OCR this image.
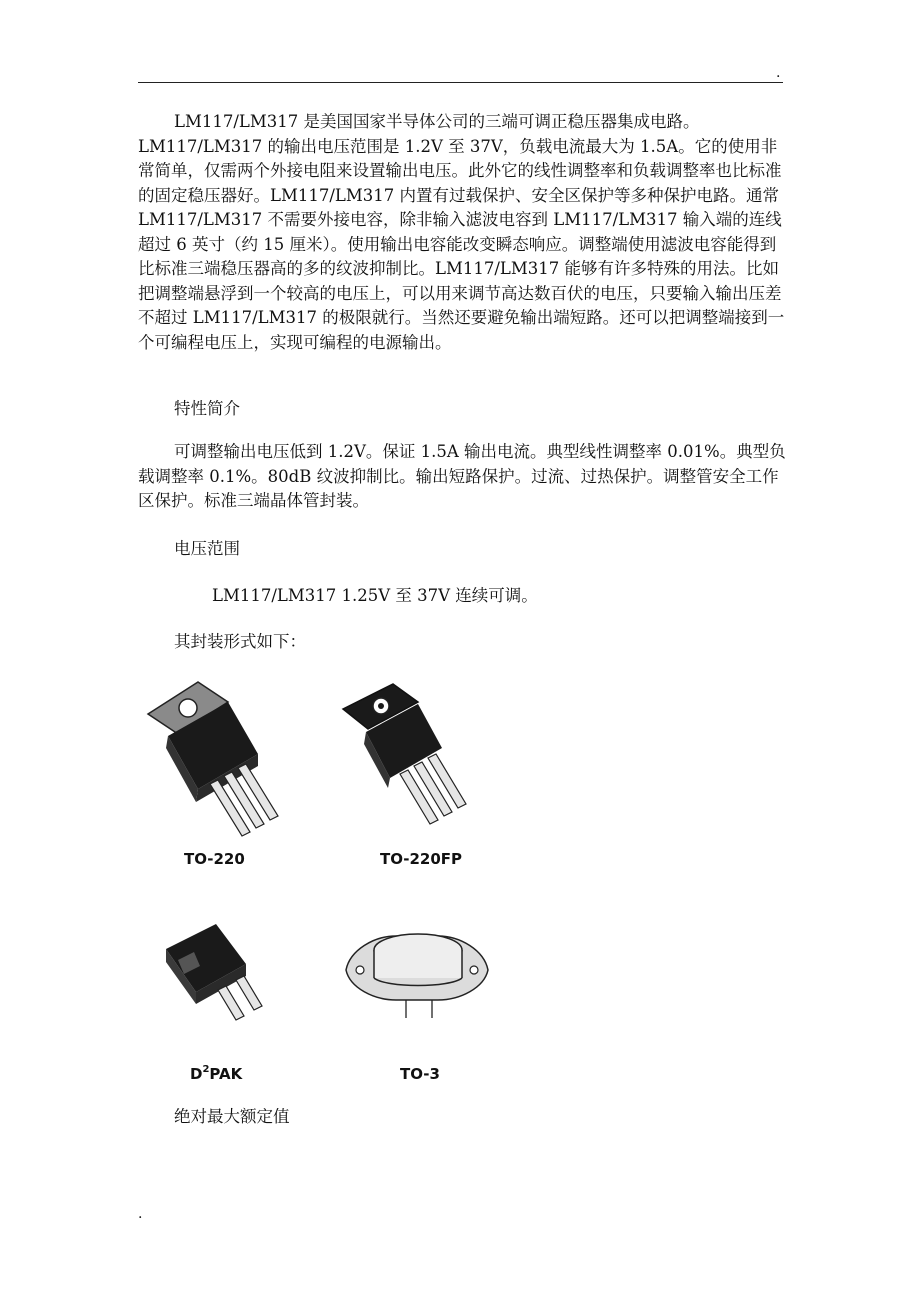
.

LM117/LM317 是美国国家半导体公司的三端可调正稳压器集成电路。LM117/LM317 的输出电压范围是 1.2V 至 37V，负载电流最大为 1.5A。它的使用非常简单，仅需两个外接电阻来设置输出电压。此外它的线性调整率和负载调整率也比标准的固定稳压器好。LM117/LM317 内置有过载保护、安全区保护等多种保护电路。通常 LM117/LM317 不需要外接电容，除非输入滤波电容到 LM117/LM317 输入端的连线超过 6 英寸（约 15 厘米）。使用输出电容能改变瞬态响应。调整端使用滤波电容能得到比标准三端稳压器高的多的纹波抑制比。LM117/LM317 能够有许多特殊的用法。比如把调整端悬浮到一个较高的电压上，可以用来调节高达数百伏的电压，只要输入输出压差不超过 LM117/LM317 的极限就行。当然还要避免输出端短路。还可以把调整端接到一个可编程电压上，实现可编程的电源输出。

特性简介

可调整输出电压低到 1.2V。保证 1.5A 输出电流。典型线性调整率 0.01%。典型负载调整率 0.1%。80dB 纹波抑制比。输出短路保护。过流、过热保护。调整管安全工作区保护。标准三端晶体管封装。

电压范围

LM117/LM317 1.25V 至 37V 连续可调。

其封装形式如下：

TO-220	TO-220FP
$D^2PAK$	TO-3

绝对最大额定值

.
